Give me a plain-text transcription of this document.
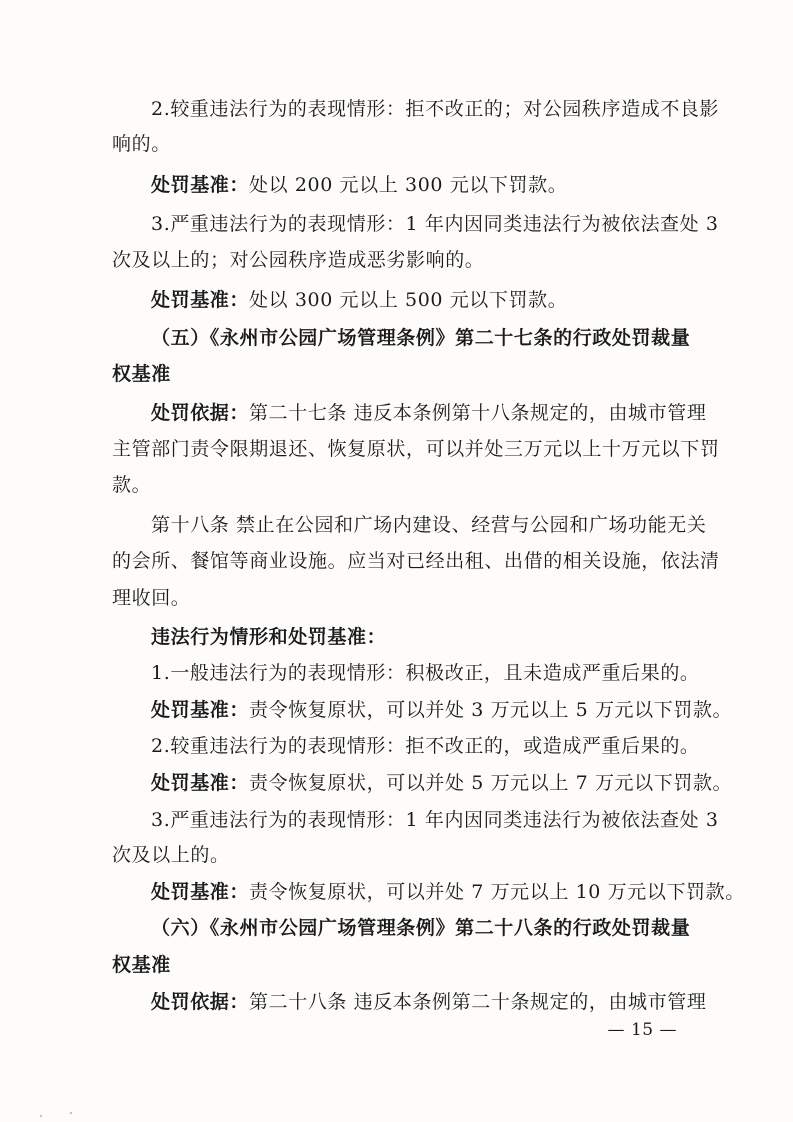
2.较重违法行为的表现情形：拒不改正的；对公园秩序造成不良影
响的。
处罚基准：处以 200 元以上 300 元以下罚款。
3.严重违法行为的表现情形：1 年内因同类违法行为被依法查处 3
次及以上的；对公园秩序造成恶劣影响的。
处罚基准：处以 300 元以上 500 元以下罚款。
（五）《永州市公园广场管理条例》第二十七条的行政处罚裁量
权基准
处罚依据：第二十七条 违反本条例第十八条规定的，由城市管理
主管部门责令限期退还、恢复原状，可以并处三万元以上十万元以下罚
款。
第十八条 禁止在公园和广场内建设、经营与公园和广场功能无关
的会所、餐馆等商业设施。应当对已经出租、出借的相关设施，依法清
理收回。
违法行为情形和处罚基准：
1.一般违法行为的表现情形：积极改正，且未造成严重后果的。
处罚基准：责令恢复原状，可以并处 3 万元以上 5 万元以下罚款。
2.较重违法行为的表现情形：拒不改正的，或造成严重后果的。
处罚基准：责令恢复原状，可以并处 5 万元以上 7 万元以下罚款。
3.严重违法行为的表现情形：1 年内因同类违法行为被依法查处 3
次及以上的。
处罚基准：责令恢复原状，可以并处 7 万元以上 10 万元以下罚款。
（六）《永州市公园广场管理条例》第二十八条的行政处罚裁量
权基准
处罚依据：第二十八条 违反本条例第二十条规定的，由城市管理
— 15 —
